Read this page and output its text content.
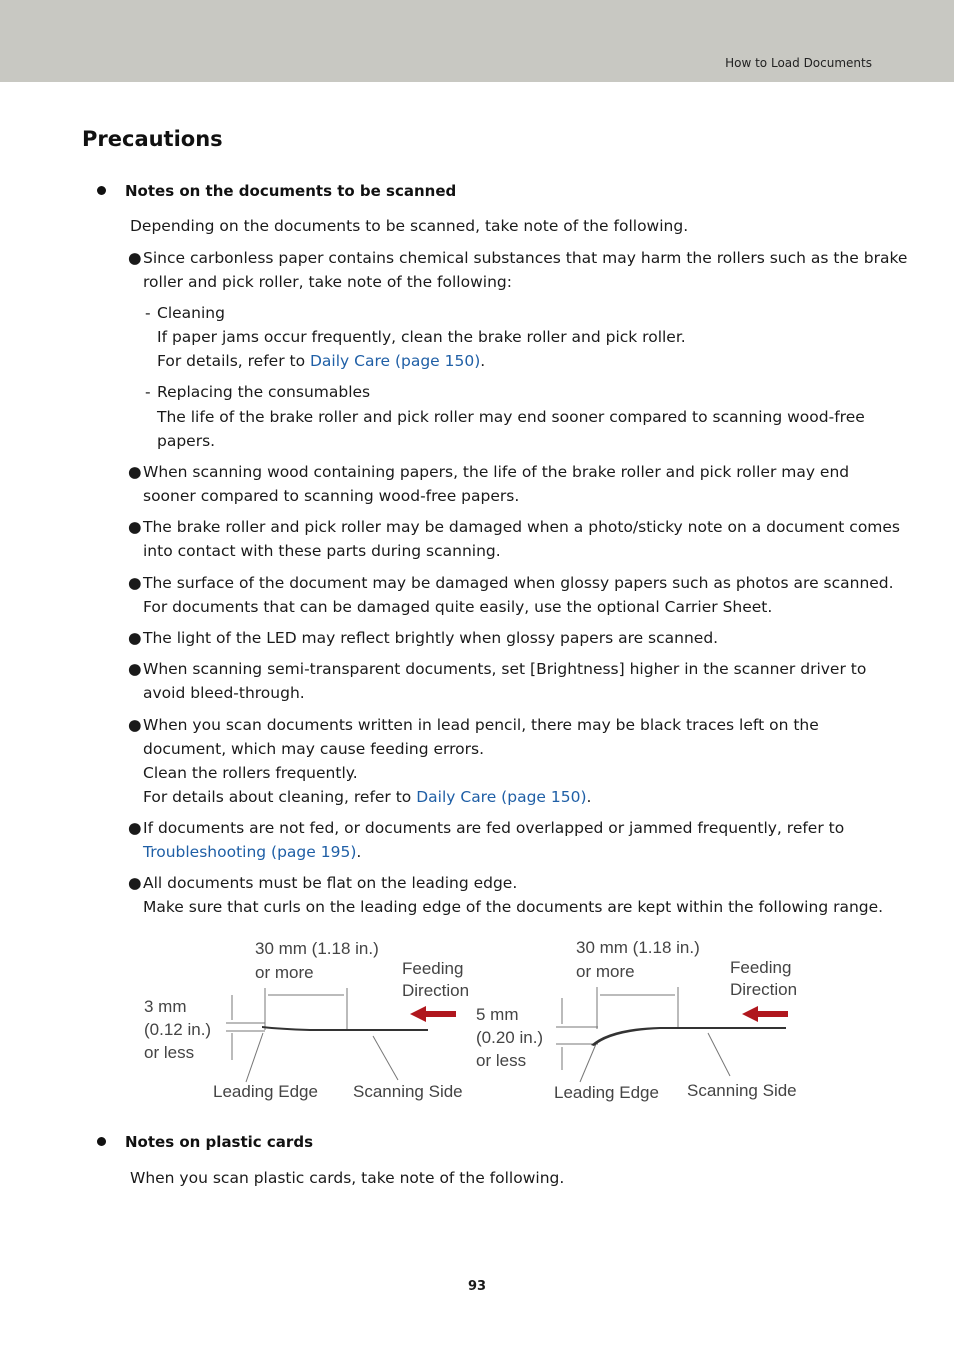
How to Load Documents
Precautions
Notes on the documents to be scanned
Depending on the documents to be scanned, take note of the following.
● Since carbonless paper contains chemical substances that may harm the rollers such as the brake
roller and pick roller, take note of the following:
- Cleaning
If paper jams occur frequently, clean the brake roller and pick roller.
For details, refer to Daily Care (page 150).
- Replacing the consumables
The life of the brake roller and pick roller may end sooner compared to scanning wood-free
papers.
● When scanning wood containing papers, the life of the brake roller and pick roller may end
sooner compared to scanning wood-free papers.
● The brake roller and pick roller may be damaged when a photo/sticky note on a document comes
into contact with these parts during scanning.
● The surface of the document may be damaged when glossy papers such as photos are scanned.
For documents that can be damaged quite easily, use the optional Carrier Sheet.
● The light of the LED may reflect brightly when glossy papers are scanned.
● When scanning semi-transparent documents, set [Brightness] higher in the scanner driver to
avoid bleed-through.
● When you scan documents written in lead pencil, there may be black traces left on the
document, which may cause feeding errors.
Clean the rollers frequently.
For details about cleaning, refer to Daily Care (page 150).
● If documents are not fed, or documents are fed overlapped or jammed frequently, refer to
Troubleshooting (page 195).
● All documents must be flat on the leading edge.
Make sure that curls on the leading edge of the documents are kept within the following range.
30 mm (1.18 in.)
or more	Feeding
Direction
3 mm
(0.12 in.)
or less
Leading Edge Scanning Side
30 mm (1.18 in.)
or more	Feeding
Direction
5 mm
(0.20 in.)
or less
Leading Edge Scanning Side
Notes on plastic cards
When you scan plastic cards, take note of the following.
93
